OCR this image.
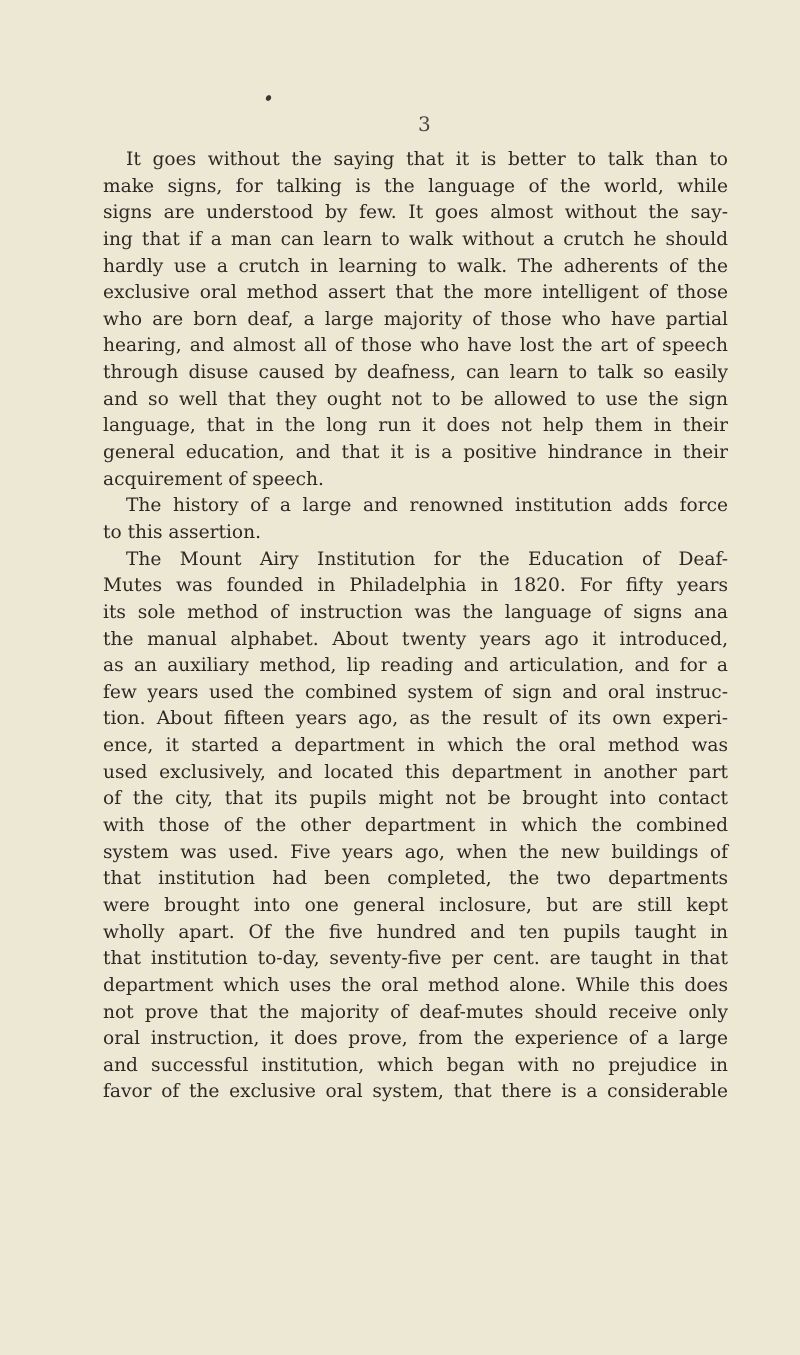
3
It goes without the saying that it is better to talk than to
make signs, for talking is the language of the world, while
signs are understood by few. It goes almost without the say-
ing that if a man can learn to walk without a crutch he should
hardly use a crutch in learning to walk. The adherents of the
exclusive oral method assert that the more intelligent of those
who are born deaf, a large majority of those who have partial
hearing, and almost all of those who have lost the art of speech
through disuse caused by deafness, can learn to talk so easily
and so well that they ought not to be allowed to use the sign
language, that in the long run it does not help them in their
general education, and that it is a positive hindrance in their
acquirement of speech.
The history of a large and renowned institution adds force
to this assertion.
The Mount Airy Institution for the Education of Deaf-
Mutes was founded in Philadelphia in 1820. For fifty years
its sole method of instruction was the language of signs ana
the manual alphabet. About twenty years ago it introduced,
as an auxiliary method, lip reading and articulation, and for a
few years used the combined system of sign and oral instruc-
tion. About fifteen years ago, as the result of its own experi-
ence, it started a department in which the oral method was
used exclusively, and located this department in another part
of the city, that its pupils might not be brought into contact
with those of the other department in which the combined
system was used. Five years ago, when the new buildings of
that institution had been completed, the two departments
were brought into one general inclosure, but are still kept
wholly apart. Of the five hundred and ten pupils taught in
that institution to-day, seventy-five per cent. are taught in that
department which uses the oral method alone. While this does
not prove that the majority of deaf-mutes should receive only
oral instruction, it does prove, from the experience of a large
and successful institution, which began with no prejudice in
favor of the exclusive oral system, that there is a considerable
